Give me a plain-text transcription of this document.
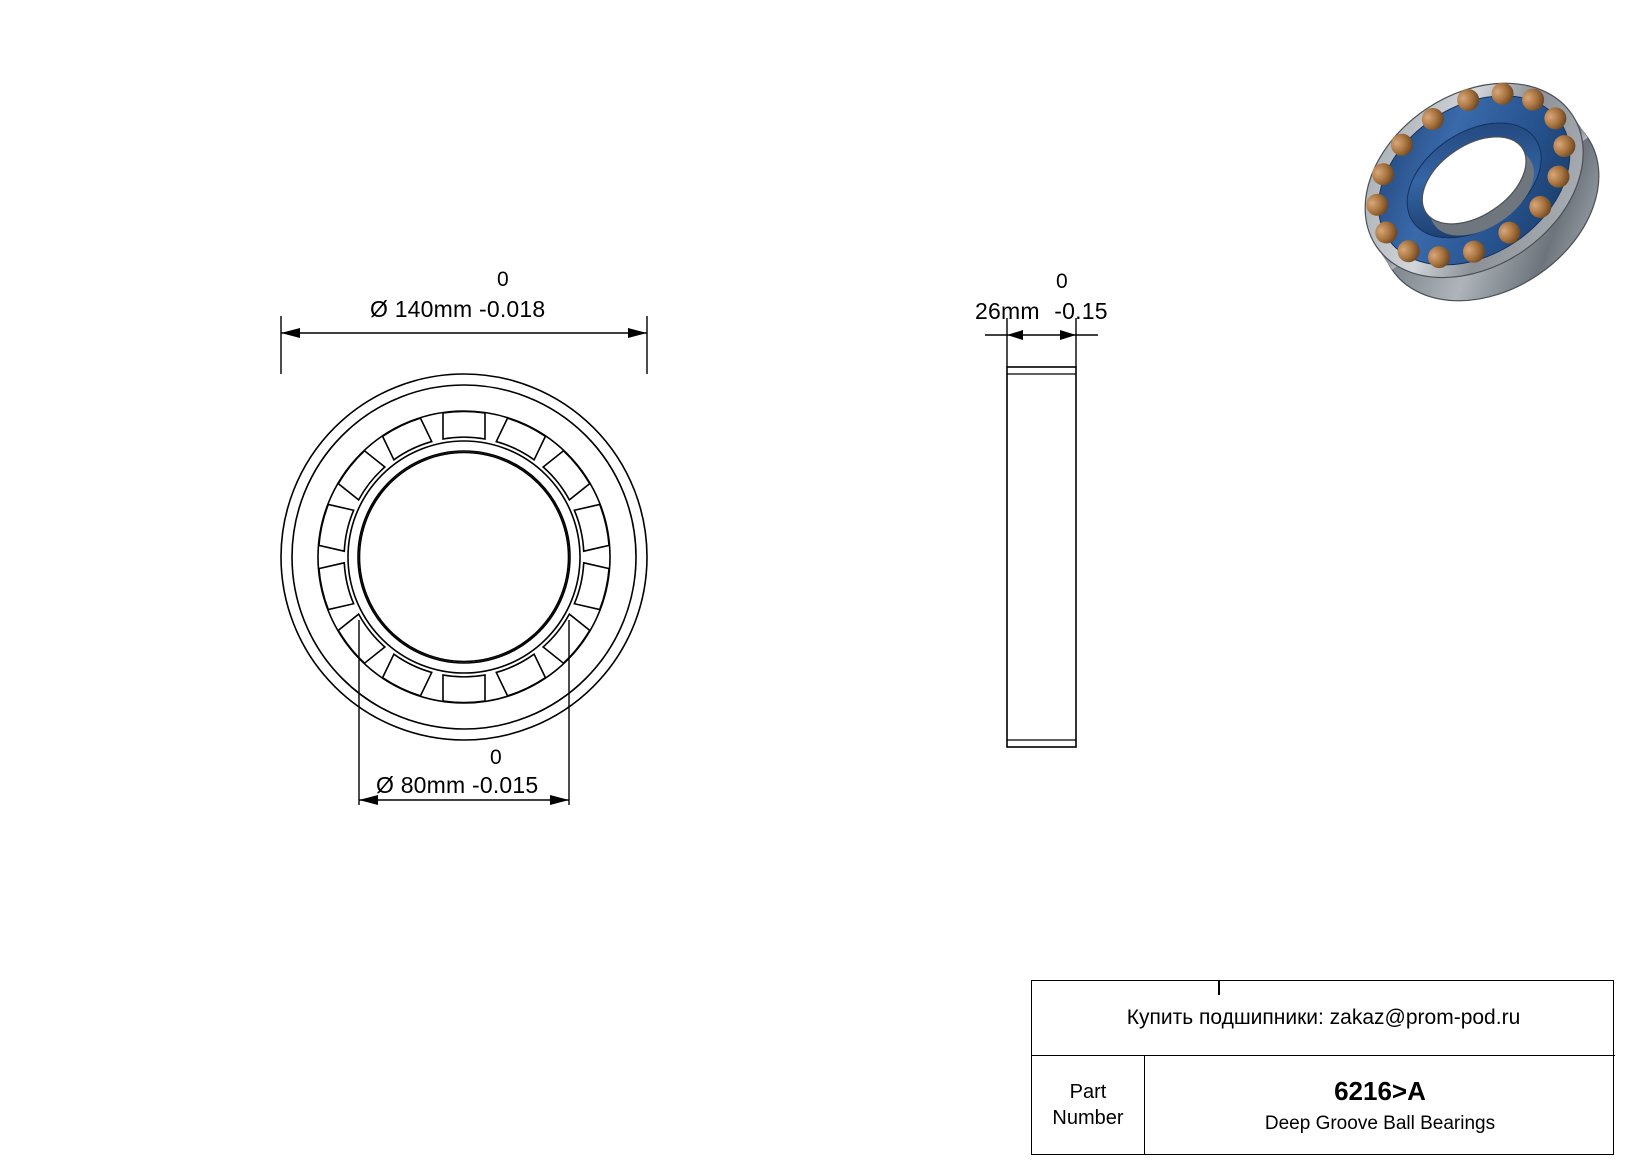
0
Ø 140mm -0.018
0
Ø 80mm -0.015
0
26mm -0.15
Купить подшипники: zakaz@prom-pod.ru
Part
Number
6216>A
Deep Groove Ball Bearings
